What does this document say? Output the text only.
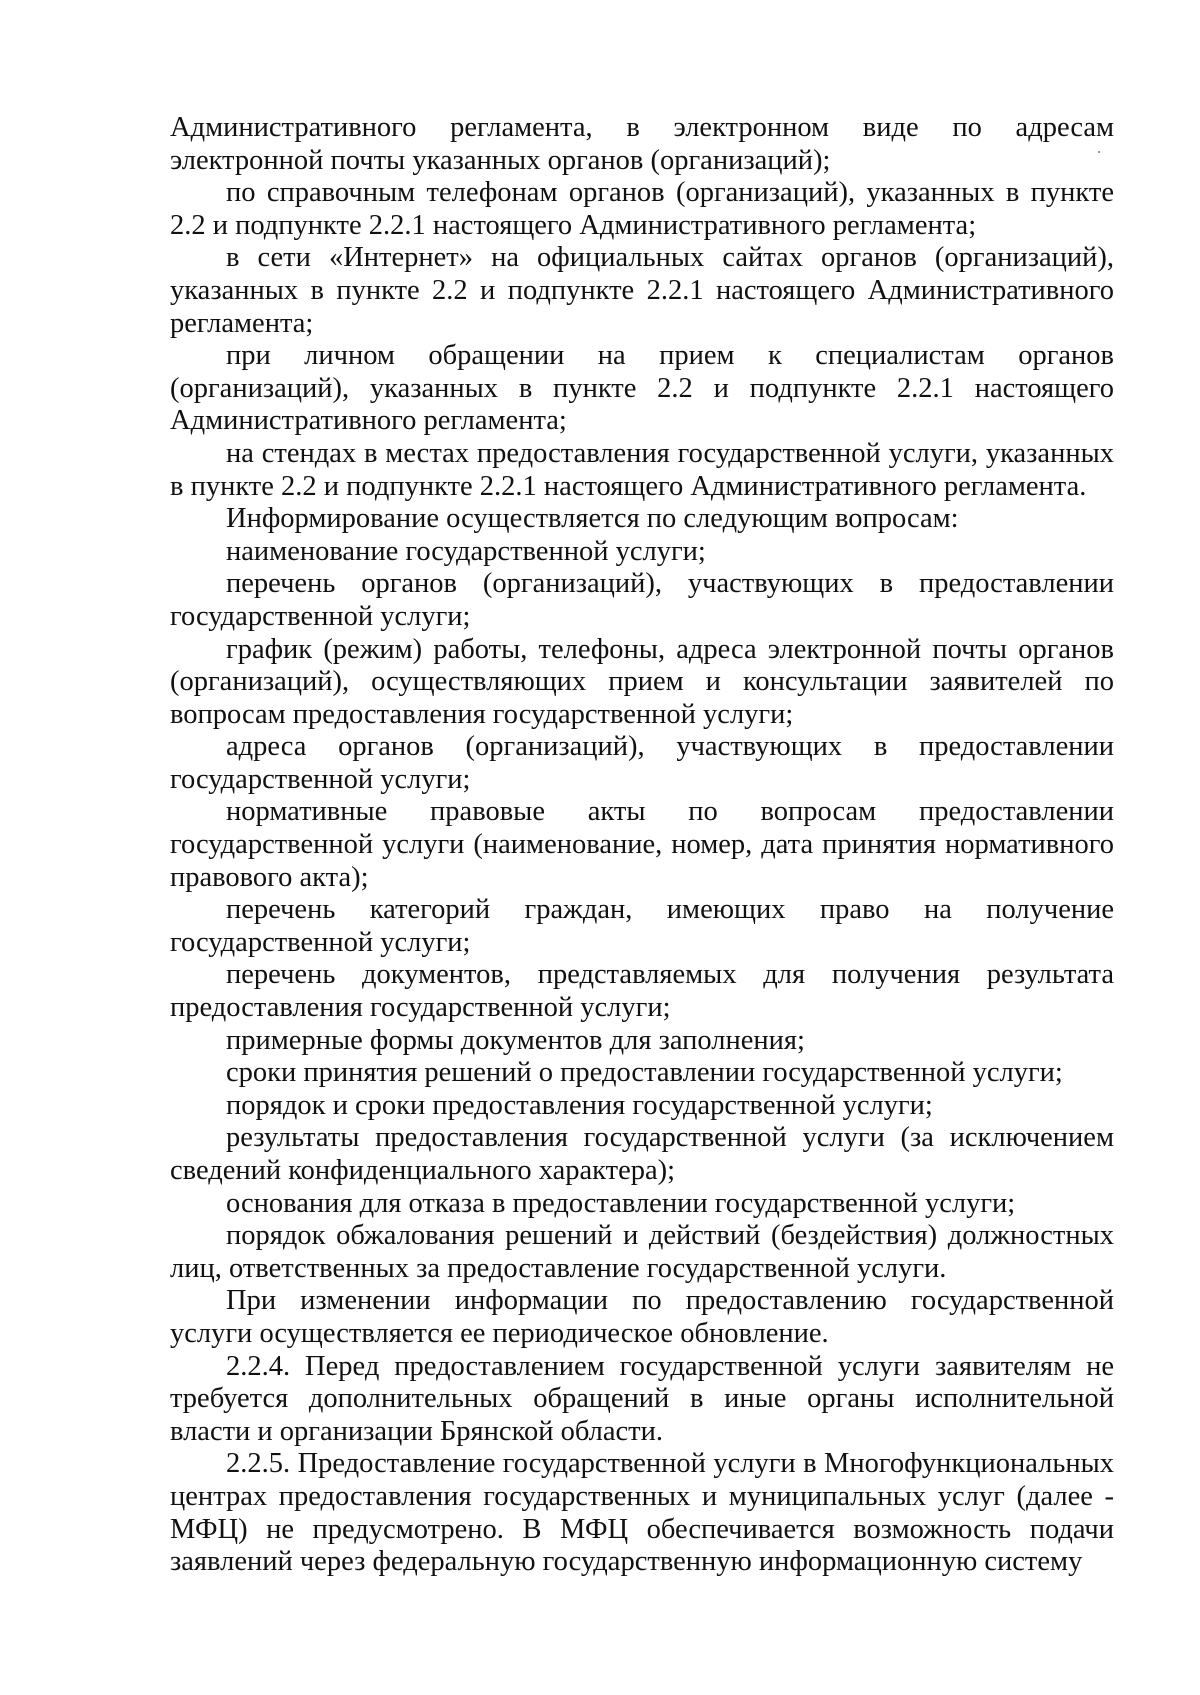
Административного регламента, в электронном виде по адресам электронной почты указанных органов (организаций);

по справочным телефонам органов (организаций), указанных в пункте 2.2 и подпункте 2.2.1 настоящего Административного регламента;

в сети «Интернет» на официальных сайтах органов (организаций), указанных в пункте 2.2 и подпункте 2.2.1 настоящего Административного регламента;

при личном обращении на прием к специалистам органов (организаций), указанных в пункте 2.2 и подпункте 2.2.1 настоящего Административного регламента;

на стендах в местах предоставления государственной услуги, указанных в пункте 2.2 и подпункте 2.2.1 настоящего Административного регламента.

Информирование осуществляется по следующим вопросам:

наименование государственной услуги;

перечень органов (организаций), участвующих в предоставлении государственной услуги;

график (режим) работы, телефоны, адреса электронной почты органов (организаций), осуществляющих прием и консультации заявителей по вопросам предоставления государственной услуги;

адреса органов (организаций), участвующих в предоставлении государственной услуги;

нормативные правовые акты по вопросам предоставлении государственной услуги (наименование, номер, дата принятия нормативного правового акта);

перечень категорий граждан, имеющих право на получение государственной услуги;

перечень документов, представляемых для получения результата предоставления государственной услуги;

примерные формы документов для заполнения;

сроки принятия решений о предоставлении государственной услуги;

порядок и сроки предоставления государственной услуги;

результаты предоставления государственной услуги (за исключением сведений конфиденциального характера);

основания для отказа в предоставлении государственной услуги;

порядок обжалования решений и действий (бездействия) должностных лиц, ответственных за предоставление государственной услуги.

При изменении информации по предоставлению государственной услуги осуществляется ее периодическое обновление.

2.2.4. Перед предоставлением государственной услуги заявителям не требуется дополнительных обращений в иные органы исполнительной власти и организации Брянской области.

2.2.5. Предоставление государственной услуги в Многофункциональных центрах предоставления государственных и муниципальных услуг (далее - МФЦ) не предусмотрено. В МФЦ обеспечивается возможность подачи заявлений через федеральную государственную информационную систему
